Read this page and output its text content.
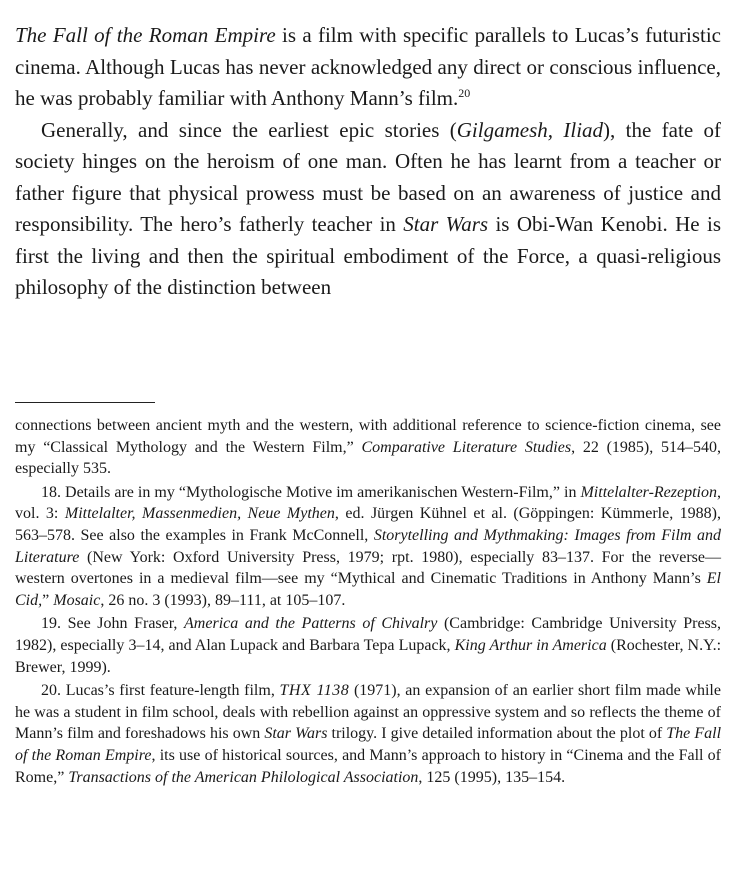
The Fall of the Roman Empire is a film with specific parallels to Lucas’s futuristic cinema. Although Lucas has never acknowledged any direct or conscious influence, he was probably familiar with Anthony Mann’s film.$^{20}$

Generally, and since the earliest epic stories (Gilgamesh, Iliad), the fate of society hinges on the heroism of one man. Often he has learnt from a teacher or father figure that physical prowess must be based on an awareness of justice and responsibility. The hero’s fatherly teacher in Star Wars is Obi-Wan Kenobi. He is first the living and then the spiritual embodiment of the Force, a quasi-religious philosophy of the distinction between

connections between ancient myth and the western, with additional reference to science-fiction cinema, see my “Classical Mythology and the Western Film,” Comparative Literature Studies, 22 (1985), 514–540, especially 535.

18. Details are in my “Mythologische Motive im amerikanischen Western-Film,” in Mittelalter-Rezeption, vol. 3: Mittelalter, Massenmedien, Neue Mythen, ed. Jürgen Kühnel et al. (Göppingen: Kümmerle, 1988), 563–578. See also the examples in Frank McConnell, Storytelling and Mythmaking: Images from Film and Literature (New York: Oxford University Press, 1979; rpt. 1980), especially 83–137. For the reverse—western overtones in a medieval film—see my “Mythical and Cinematic Traditions in Anthony Mann’s El Cid,” Mosaic, 26 no. 3 (1993), 89–111, at 105–107.

19. See John Fraser, America and the Patterns of Chivalry (Cambridge: Cambridge University Press, 1982), especially 3–14, and Alan Lupack and Barbara Tepa Lupack, King Arthur in America (Rochester, N.Y.: Brewer, 1999).

20. Lucas’s first feature-length film, THX 1138 (1971), an expansion of an earlier short film made while he was a student in film school, deals with rebellion against an oppressive system and so reflects the theme of Mann’s film and foreshadows his own Star Wars trilogy. I give detailed information about the plot of The Fall of the Roman Empire, its use of historical sources, and Mann’s approach to history in “Cinema and the Fall of Rome,” Transactions of the American Philological Association, 125 (1995), 135–154.
